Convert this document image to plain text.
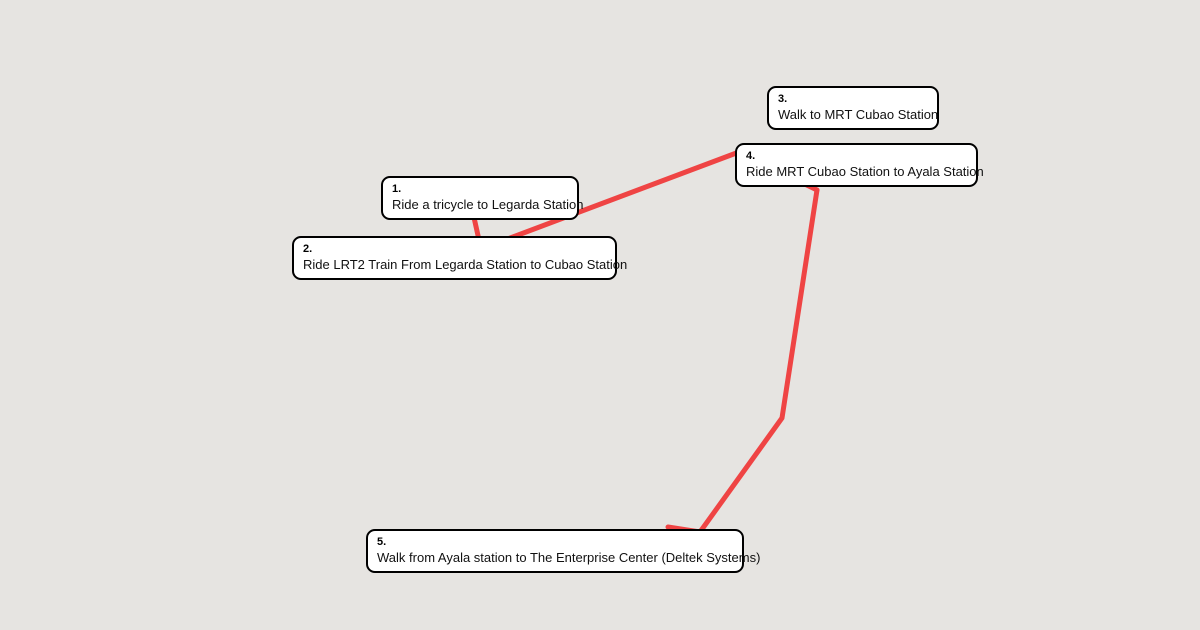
1.
Ride a tricycle to Legarda Station
2.
Ride LRT2 Train From Legarda Station to Cubao Station
3.
Walk to MRT Cubao Station
4.
Ride MRT Cubao Station to Ayala Station
5.
Walk from Ayala station to The Enterprise Center (Deltek Systems)
